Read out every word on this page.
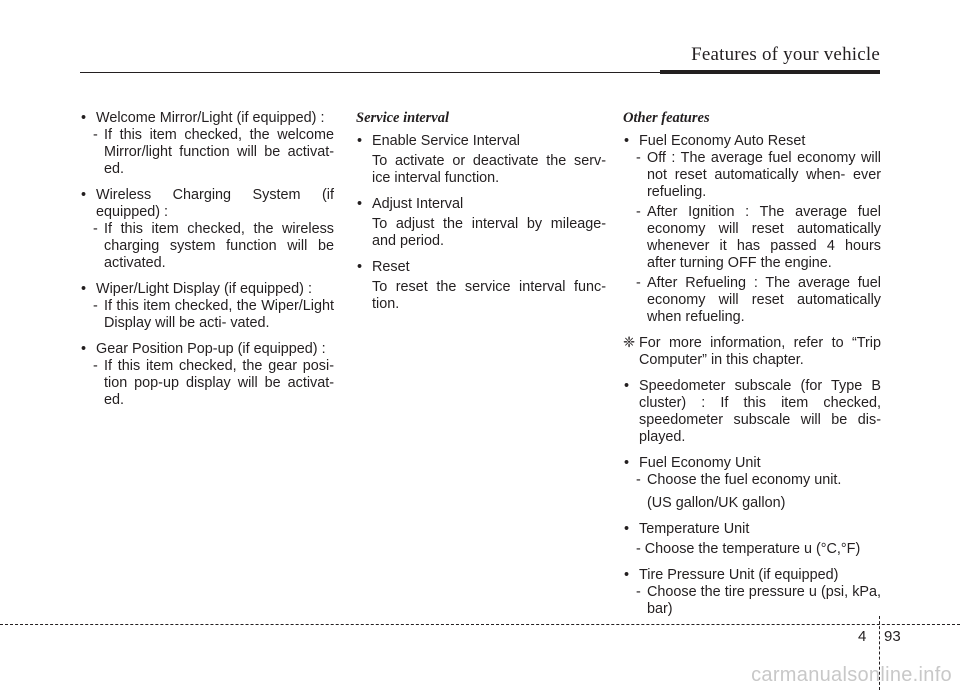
Features of your vehicle
• Welcome Mirror/Light (if equipped) :
- If this item checked, the welcome Mirror/light function will be activat- ed.
• Wireless Charging System (if equipped) :
- If this item checked, the wireless charging system function will be activated.
• Wiper/Light Display (if equipped) :
- If this item checked, the Wiper/Light Display will be acti- vated.
• Gear Position Pop-up (if equipped) :
- If this item checked, the gear posi- tion pop-up display will be activat- ed.
Service interval
• Enable Service Interval
To activate or deactivate the serv- ice interval function.
• Adjust Interval
To adjust the interval by mileage- and period.
• Reset
To reset the service interval func- tion.
Other features
• Fuel Economy Auto Reset
- Off : The average fuel economy will not reset automatically when- ever refueling.
- After Ignition : The average fuel economy will reset automatically whenever it has passed 4 hours after turning OFF the engine.
- After Refueling : The average fuel economy will reset automatically when refueling.
❈ For more information, refer to “Trip Computer” in this chapter.
• Speedometer subscale (for Type B cluster) : If this item checked, speedometer subscale will be dis- played.
• Fuel Economy Unit
- Choose the fuel economy unit.
(US gallon/UK gallon)
• Temperature Unit
- Choose the temperature u (°C,°F)
• Tire Pressure Unit (if equipped)
- Choose the tire pressure u (psi, kPa, bar)
4 93
carmanualsonline.info
